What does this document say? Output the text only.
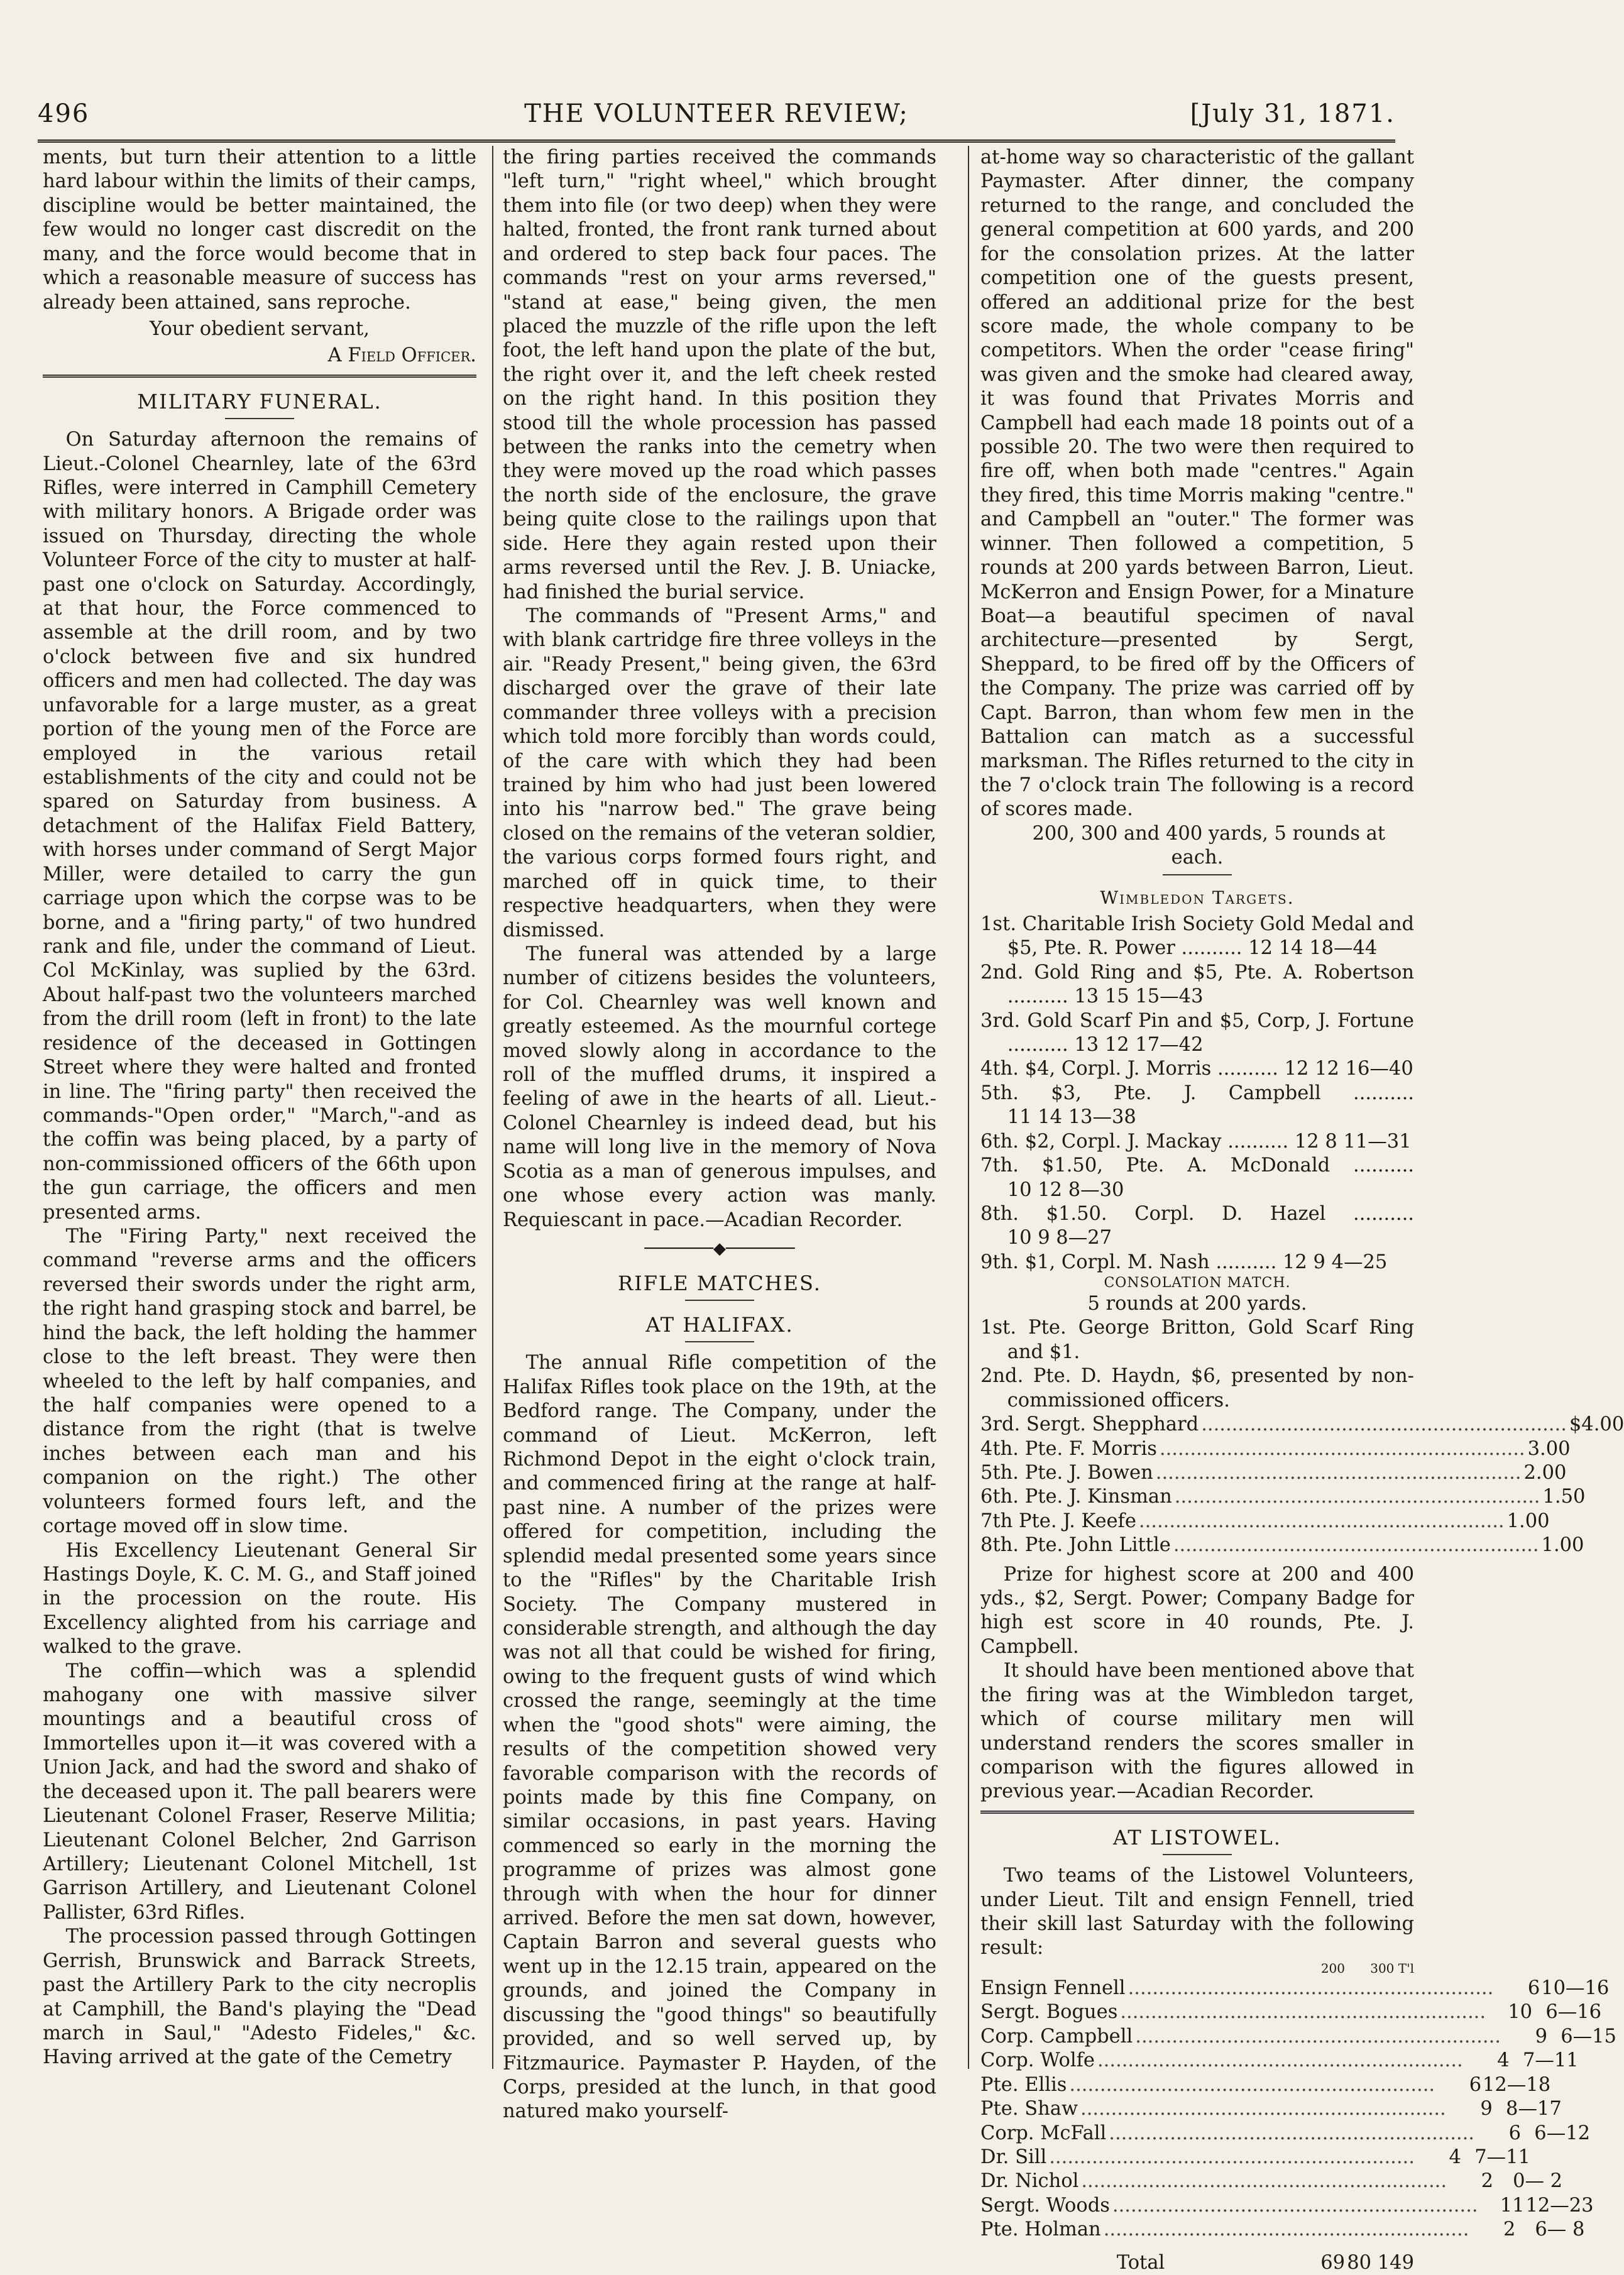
496	THE VOLUNTEER REVIEW;	[July 31, 1871.

ments, but turn their attention to a little hard labour within the limits of their camps, discipline would be better maintained, the few would no longer cast discredit on the many, and the force would become that in which a reasonable measure of success has already been attained, sans reproche.

Your obedient servant,
A Field Officer.
MILITARY FUNERAL.

On Saturday afternoon the remains of Lieut.-Colonel Chearnley, late of the 63rd Rifles, were interred in Camphill Cemetery with military honors. A Brigade order was issued on Thursday, directing the whole Volunteer Force of the city to muster at half-past one o'clock on Saturday. Accordingly, at that hour, the Force commenced to assemble at the drill room, and by two o'clock between five and six hundred officers and men had collected. The day was unfavorable for a large muster, as a great portion of the young men of the Force are employed in the various retail establishments of the city and could not be spared on Saturday from business. A detachment of the Halifax Field Battery, with horses under command of Sergt Major Miller, were detailed to carry the gun carriage upon which the corpse was to be borne, and a "firing party," of two hundred rank and file, under the command of Lieut. Col McKinlay, was suplied by the 63rd. About half-past two the volunteers marched from the drill room (left in front) to the late residence of the deceased in Gottingen Street where they were halted and fronted in line. The "firing party" then received the commands-"Open order," "March,"-and as the coffin was being placed, by a party of non-commissioned officers of the 66th upon the gun carriage, the officers and men presented arms.

The "Firing Party," next received the command "reverse arms and the officers reversed their swords under the right arm, the right hand grasping stock and barrel, be hind the back, the left holding the hammer close to the left breast. They were then wheeled to the left by half companies, and the half companies were opened to a distance from the right (that is twelve inches between each man and his companion on the right.) The other volunteers formed fours left, and the cortage moved off in slow time.

His Excellency Lieutenant General Sir Hastings Doyle, K. C. M. G., and Staff joined in the procession on the route. His Excellency alighted from his carriage and walked to the grave.

The coffin—which was a splendid mahogany one with massive silver mountings and a beautiful cross of Immortelles upon it—it was covered with a Union Jack, and had the sword and shako of the deceased upon it. The pall bearers were Lieutenant Colonel Fraser, Reserve Militia; Lieutenant Colonel Belcher, 2nd Garrison Artillery; Lieutenant Colonel Mitchell, 1st Garrison Artillery, and Lieutenant Colonel Pallister, 63rd Rifles.

The procession passed through Gottingen Gerrish, Brunswick and Barrack Streets, past the Artillery Park to the city necroplis at Camphill, the Band's playing the "Dead march in Saul," "Adesto Fideles," &c. Having arrived at the gate of the Cemetry

the firing parties received the commands "left turn," "right wheel," which brought them into file (or two deep) when they were halted, fronted, the front rank turned about and ordered to step back four paces. The commands "rest on your arms reversed," "stand at ease," being given, the men placed the muzzle of the rifle upon the left foot, the left hand upon the plate of the but, the right over it, and the left cheek rested on the right hand. In this position they stood till the whole procession has passed between the ranks into the cemetry when they were moved up the road which passes the north side of the enclosure, the grave being quite close to the railings upon that side. Here they again rested upon their arms reversed until the Rev. J. B. Uniacke, had finished the burial service.

The commands of "Present Arms," and with blank cartridge fire three volleys in the air. "Ready Present," being given, the 63rd discharged over the grave of their late commander three volleys with a precision which told more forcibly than words could, of the care with which they had been trained by him who had just been lowered into his "narrow bed." The grave being closed on the remains of the veteran soldier, the various corps formed fours right, and marched off in quick time, to their respective headquarters, when they were dismissed.

The funeral was attended by a large number of citizens besides the volunteers, for Col. Chearnley was well known and greatly esteemed. As the mournful cortege moved slowly along in accordance to the roll of the muffled drums, it inspired a feeling of awe in the hearts of all. Lieut.-Colonel Chearnley is indeed dead, but his name will long live in the memory of Nova Scotia as a man of generous impulses, and one whose every action was manly. Requiescant in pace.—Acadian Recorder.

───────◆───────
RIFLE MATCHES.
AT HALIFAX.

The annual Rifle competition of the Halifax Rifles took place on the 19th, at the Bedford range. The Company, under the command of Lieut. McKerron, left Richmond Depot in the eight o'clock train, and commenced firing at the range at half-past nine. A number of the prizes were offered for competition, including the splendid medal presented some years since to the "Rifles" by the Charitable Irish Society. The Company mustered in considerable strength, and although the day was not all that could be wished for firing, owing to the frequent gusts of wind which crossed the range, seemingly at the time when the "good shots" were aiming, the results of the competition showed very favorable comparison with the records of points made by this fine Company, on similar occasions, in past years. Having commenced so early in the morning the programme of prizes was almost gone through with when the hour for dinner arrived. Before the men sat down, however, Captain Barron and several guests who went up in the 12.15 train, appeared on the grounds, and joined the Company in discussing the "good things" so beautifully provided, and so well served up, by Fitzmaurice. Paymaster P. Hayden, of the Corps, presided at the lunch, in that good natured mako yourself-

at-home way so characteristic of the gallant Paymaster. After dinner, the company returned to the range, and concluded the general competition at 600 yards, and 200 for the consolation prizes. At the latter competition one of the guests present, offered an additional prize for the best score made, the whole company to be competitors. When the order "cease firing" was given and the smoke had cleared away, it was found that Privates Morris and Campbell had each made 18 points out of a possible 20. The two were then required to fire off, when both made "centres." Again they fired, this time Morris making "centre." and Campbell an "outer." The former was winner. Then followed a competition, 5 rounds at 200 yards between Barron, Lieut. McKerron and Ensign Power, for a Minature Boat—a beautiful specimen of naval architecture—presented by Sergt, Sheppard, to be fired off by the Officers of the Company. The prize was carried off by Capt. Barron, than whom few men in the Battalion can match as a successful marksman. The Rifles returned to the city in the 7 o'clock train The following is a record of scores made.

200, 300 and 400 yards, 5 rounds at each.

Wimbledon Targets.
1st. Charitable Irish Society Gold Medal and $5, Pte. R. Power .......... 12 14 18—44
2nd. Gold Ring and $5, Pte. A. Robertson .......... 13 15 15—43
3rd. Gold Scarf Pin and $5, Corp, J. Fortune .......... 13 12 17—42
4th. $4, Corpl. J. Morris .......... 12 12 16—40
5th. $3, Pte. J. Campbell .......... 11 14 13—38
6th. $2, Corpl. J. Mackay .......... 12 8 11—31
7th. $1.50, Pte. A. McDonald .......... 10 12 8—30
8th. $1.50. Corpl. D. Hazel .......... 10 9 8—27
9th. $1, Corpl. M. Nash .......... 12 9 4—25
CONSOLATION MATCH.
5 rounds at 200 yards.
1st. Pte. George Britton, Gold Scarf Ring and $1.
2nd. Pte. D. Haydn, $6, presented by non-commissioned officers.
3rd. Sergt. Shepphard ............................................................ $4.00
4th. Pte. F. Morris ............................................................ 3.00
5th. Pte. J. Bowen ............................................................ 2.00
6th. Pte. J. Kinsman ............................................................ 1.50
7th Pte. J. Keefe ............................................................ 1.00
8th. Pte. John Little ............................................................ 1.00

Prize for highest score at 200 and 400 yds., $2, Sergt. Power; Company Badge for high est score in 40 rounds, Pte. J. Campbell.

It should have been mentioned above that the firing was at the Wimbledon target, which of course military men will understand renders the scores smaller in comparison with the figures allowed in previous year.—Acadian Recorder.

AT LISTOWEL.

Two teams of the Listowel Volunteers, under Lieut. Tilt and ensign Fennell, tried their skill last Saturday with the following result:

200	300 T'l
Ensign Fennell ............................................................	6 10—16
Sergt. Bogues ............................................................	10 6—16
Corp. Campbell ............................................................	9 6—15
Corp. Wolfe ............................................................	4 7—11
Pte. Ellis ............................................................	6 12—18
Pte. Shaw ............................................................	9 8—17
Corp. McFall ............................................................	6 6—12
Dr. Sill ............................................................	4 7—11
Dr. Nichol ............................................................	2	0— 2
Sergt. Woods ............................................................	11 12—23
Pte. Holman ............................................................	2	6— 8
Total	69 80 149
